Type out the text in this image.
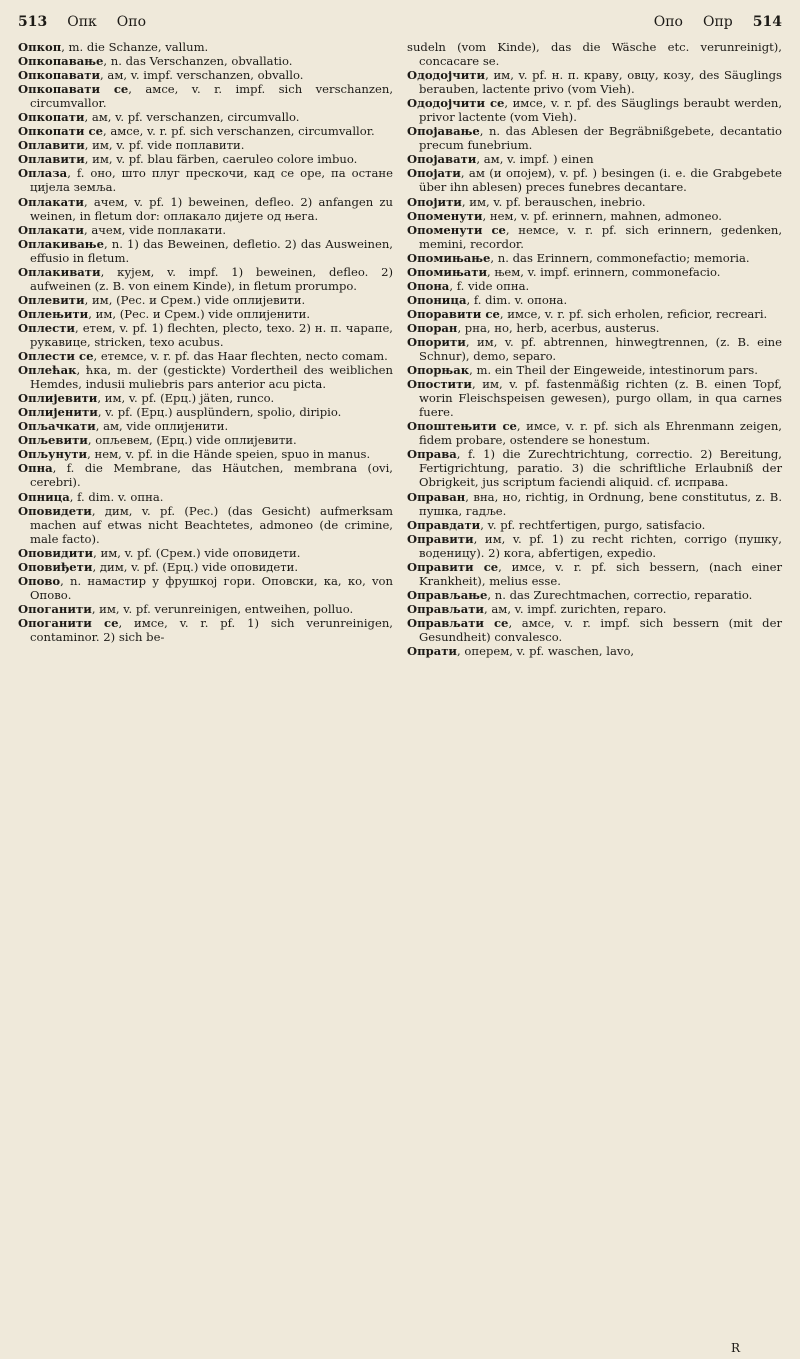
513 Опк Опо	Опо Опр 514

Опкоп, m. die Schanze, vallum.

Опкопавање, n. das Verschanzen, obvallatio.

Опкопавати, ам, v. impf. verschanzen, obvallo.

Опкопавати се, амсе, v. r. impf. sich verschanzen, circumvallor.

Опкопати, ам, v. pf. verschanzen, circumvallo.

Опкопати се, амсе, v. r. pf. sich verschanzen, circumvallor.

Оплавити, им, v. pf. vide поплавити.

Оплавити, им, v. pf. blau färben, caeruleo colore imbuo.

Оплаза, f. оно, што плуг прескочи, кад се оре, па остане цијела земља.

Оплакати, ачем, v. pf. 1) beweinen, defleo. 2) anfangen zu weinen, in fletum dor: оплакало дијете од њега.

Оплакати, ачем, vide поплакати.

Оплакивање, n. 1) das Beweinen, defletio. 2) das Ausweinen, effusio in fletum.

Оплакивати, кујем, v. impf. 1) beweinen, defleo. 2) aufweinen (z. B. von einem Kinde), in fletum prorumpo.

Оплевити, им, (Рес. и Срем.) vide оплијевити.

Оплењити, им, (Рес. и Срем.) vide оплијенити.

Оплести, етем, v. pf. 1) flechten, plecto, texo. 2) н. п. чарапе, рукавице, stricken, texo acubus.

Оплести се, етемсе, v. r. pf. das Haar flechten, necto comam.

Оплећак, ћка, m. der (gestickte) Vordertheil des weiblichen Hemdes, indusii muliebris pars anterior acu picta.

Оплијевити, им, v. pf. (Ерц.) jäten, runco.

Оплијенити, v. pf. (Ерц.) ausplündern, spolio, diripio.

Опљачкати, ам, vide оплијенити.

Опљевити, опљевем, (Ерц.) vide оплијевити.

Опљунути, нем, v. pf. in die Hände speien, spuo in manus.

Опна, f. die Membrane, das Häutchen, membrana (ovi, cerebri).

Опница, f. dim. v. опна.

Оповидети, дим, v. pf. (Рес.) (das Gesicht) aufmerksam machen auf etwas nicht Beachtetes, admoneo (de crimine, male facto).

Оповидити, им, v. pf. (Срем.) vide оповидети.

Оповиђети, дим, v. pf. (Ерц.) vide оповидети.

Опово, n. намастир у фрушкој гори. Оповски, ка, ко, von Опово.

Опоганити, им, v. pf. verunreinigen, entweihen, polluo.

Опоганити се, имсе, v. r. pf. 1) sich verunreinigen, contaminor. 2) sich be-

sudeln (vom Kinde), das die Wäsche etc. verunreinigt), concacare se.

Ододојчити, им, v. pf. н. п. краву, овцу, козу, des Säuglings berauben, lactente privo (vom Vieh).

Ододојчити се, имсе, v. r. pf. des Säuglings beraubt werden, privor lactente (vom Vieh).

Опојавање, n. das Ablesen der Begräbnißgebete, decantatio precum funebrium.

Опојавати, ам, v. impf. ) einen

Опојати, ам (и опојем), v. pf. ) besingen (i. e. die Grabgebete über ihn ablesen) preces funebres decantare.

Опојити, им, v. pf. berauschen, inebrio.

Опоменути, нем, v. pf. erinnern, mahnen, admoneo.

Опоменути се, немсе, v. r. pf. sich erinnern, gedenken, memini, recordor.

Опомињање, n. das Erinnern, commonefactio; memoria.

Опомињати, њем, v. impf. erinnern, commonefacio.

Опона, f. vide опна.

Опоница, f. dim. v. опона.

Опоравити се, имсе, v. r. pf. sich erholen, reficior, recreari.

Опоран, рна, но, herb, acerbus, austerus.

Опорити, им, v. pf. abtrennen, hinwegtrennen, (z. B. eine Schnur), demo, separo.

Опорњак, m. ein Theil der Eingeweide, intestinorum pars.

Опостити, им, v. pf. fastenmäßig richten (z. B. einen Topf, worin Fleischspeisen gewesen), purgo ollam, in qua carnes fuere.

Опоштењити се, имсе, v. r. pf. sich als Ehrenmann zeigen, fidem probare, ostendere se honestum.

Оправа, f. 1) die Zurechtrichtung, correctio. 2) Bereitung, Fertigrichtung, paratio. 3) die schriftliche Erlaubniß der Obrigkeit, jus scriptum faciendi aliquid. cf. исправа.

Оправан, вна, но, richtig, in Ordnung, bene constitutus, z. B. пушка, гадље.

Оправдати, v. pf. rechtfertigen, purgo, satisfacio.

Оправити, им, v. pf. 1) zu recht richten, corrigo (пушку, воденицу). 2) кога, abfertigen, expedio.

Оправити се, имсе, v. r. pf. sich bessern, (nach einer Krankheit), melius esse.

Оправљање, n. das Zurechtmachen, correctio, reparatio.

Оправљати, ам, v. impf. zurichten, reparo.

Оправљати се, амсе, v. r. impf. sich bessern (mit der Gesundheit) convalesco.

Опрати, оперем, v. pf. waschen, lavo,

R
